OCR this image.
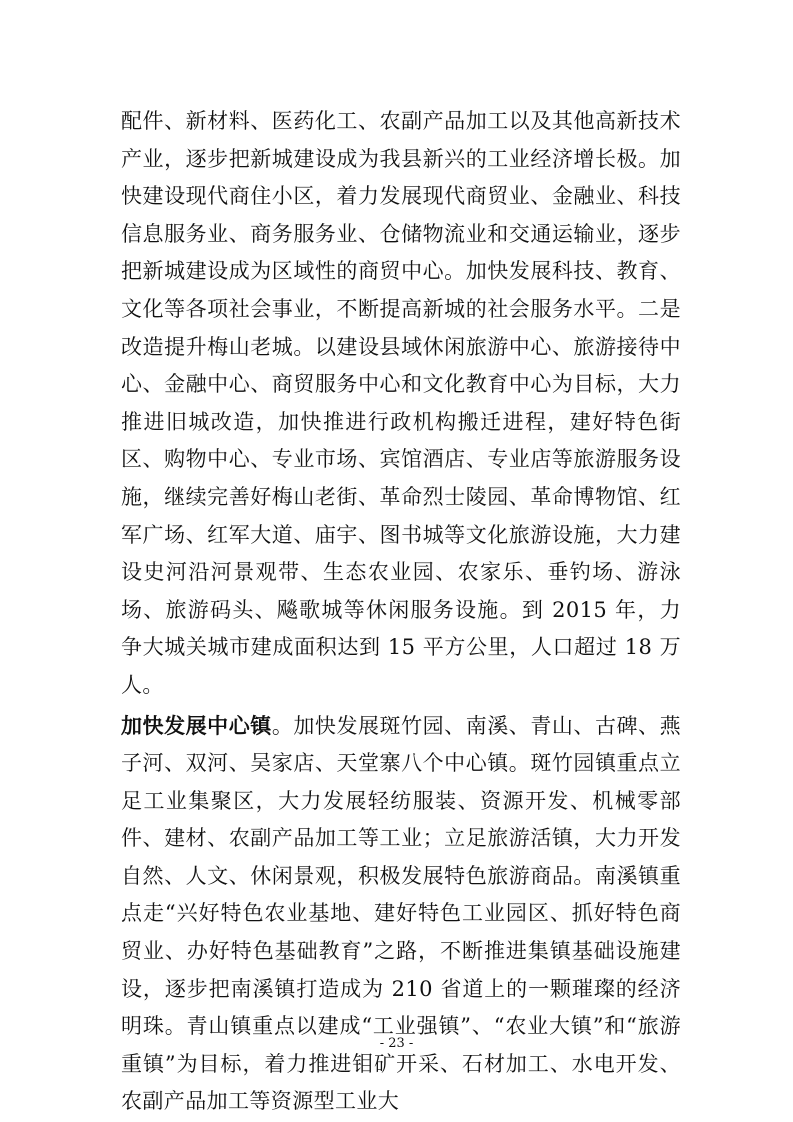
配件、新材料、医药化工、农副产品加工以及其他高新技术产业，逐步把新城建设成为我县新兴的工业经济增长极。加快建设现代商住小区，着力发展现代商贸业、金融业、科技信息服务业、商务服务业、仓储物流业和交通运输业，逐步把新城建设成为区域性的商贸中心。加快发展科技、教育、文化等各项社会事业，不断提高新城的社会服务水平。二是改造提升梅山老城。以建设县域休闲旅游中心、旅游接待中心、金融中心、商贸服务中心和文化教育中心为目标，大力推进旧城改造，加快推进行政机构搬迁进程，建好特色街区、购物中心、专业市场、宾馆酒店、专业店等旅游服务设施，继续完善好梅山老街、革命烈士陵园、革命博物馆、红军广场、红军大道、庙宇、图书城等文化旅游设施，大力建设史河沿河景观带、生态农业园、农家乐、垂钓场、游泳场、旅游码头、飚歌城等休闲服务设施。到 2015 年，力争大城关城市建成面积达到 15 平方公里，人口超过 18 万人。

加快发展中心镇。加快发展斑竹园、南溪、青山、古碑、燕子河、双河、吴家店、天堂寨八个中心镇。斑竹园镇重点立足工业集聚区，大力发展轻纺服装、资源开发、机械零部件、建材、农副产品加工等工业；立足旅游活镇，大力开发自然、人文、休闲景观，积极发展特色旅游商品。南溪镇重点走“兴好特色农业基地、建好特色工业园区、抓好特色商贸业、办好特色基础教育”之路，不断推进集镇基础设施建设，逐步把南溪镇打造成为 210 省道上的一颗璀璨的经济明珠。青山镇重点以建成“工业强镇”、“农业大镇”和“旅游重镇”为目标，着力推进钼矿开采、石材加工、水电开发、农副产品加工等资源型工业大

- 23 -
